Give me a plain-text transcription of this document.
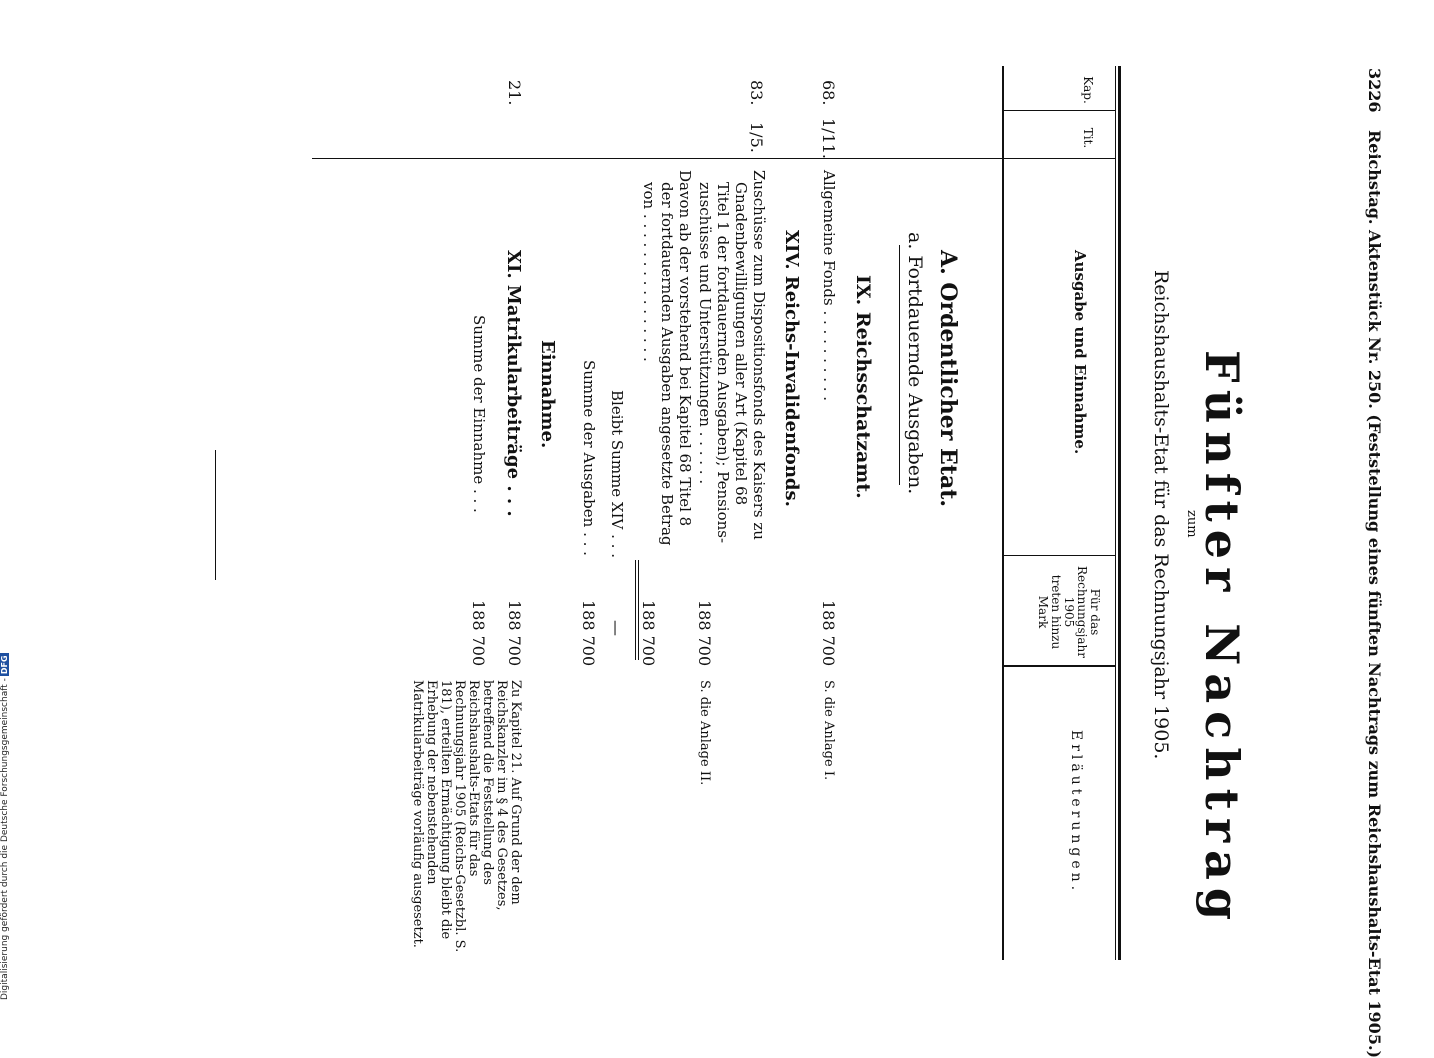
3226
Reichstag. Aktenstück Nr. 250. (Feststellung eines fünften Nachtrags zum Reichshaushalts-Etat 1905.)
Fünfter Nachtrag
zum
Reichshaushalts-Etat für das Rechnungsjahr 1905.
Kap.
Tit.
Ausgabe und Einnahme.
Für das
Rechnungsjahr
1905
treten hinzu
Mark
Erläuterungen.
A. Ordentlicher Etat.
a. Fortdauernde Ausgaben.
IX. Reichsschatzamt.
68.
1/11.
Allgemeine Fonds . . . . . . . . . .
188 700
S. die Anlage I.
XIV. Reichs-Invalidenfonds.
83.
1/5.
Zuschüsse zum Dispositionsfonds des Kaisers zu
Gnadenbewilligungen aller Art (Kapitel 68
Titel 1 der fortdauernden Ausgaben); Pensions-
zuschüsse und Unterstützungen . . . . . .
188 700
S. die Anlage II.
Davon ab der vorstehend bei Kapitel 68 Titel 8
der fortdauernden Ausgaben angesetzte Betrag
von . . . . . . . . . . . . . . . .
188 700
Bleibt Summe XIV . . .
—
Summe der Ausgaben . . .
188 700
Einnahme.
XI. Matrikularbeiträge . . .
21.
188 700
Summe der Einnahme . . .
188 700
Zu Kapitel 21. Auf Grund der dem Reichskanzler im § 4 des Gesetzes, betreffend die Feststellung des Reichshaushalts-Etats für das Rechnungsjahr 1905 (Reichs-Gesetzbl. S. 181), erteilten Ermächtigung bleibt die Erhebung der nebenstehenden Matrikularbeiträge vorläufig ausgesetzt.
Digitalisierung gefördert durch die Deutsche Forschungsgemeinschaft -DFG
